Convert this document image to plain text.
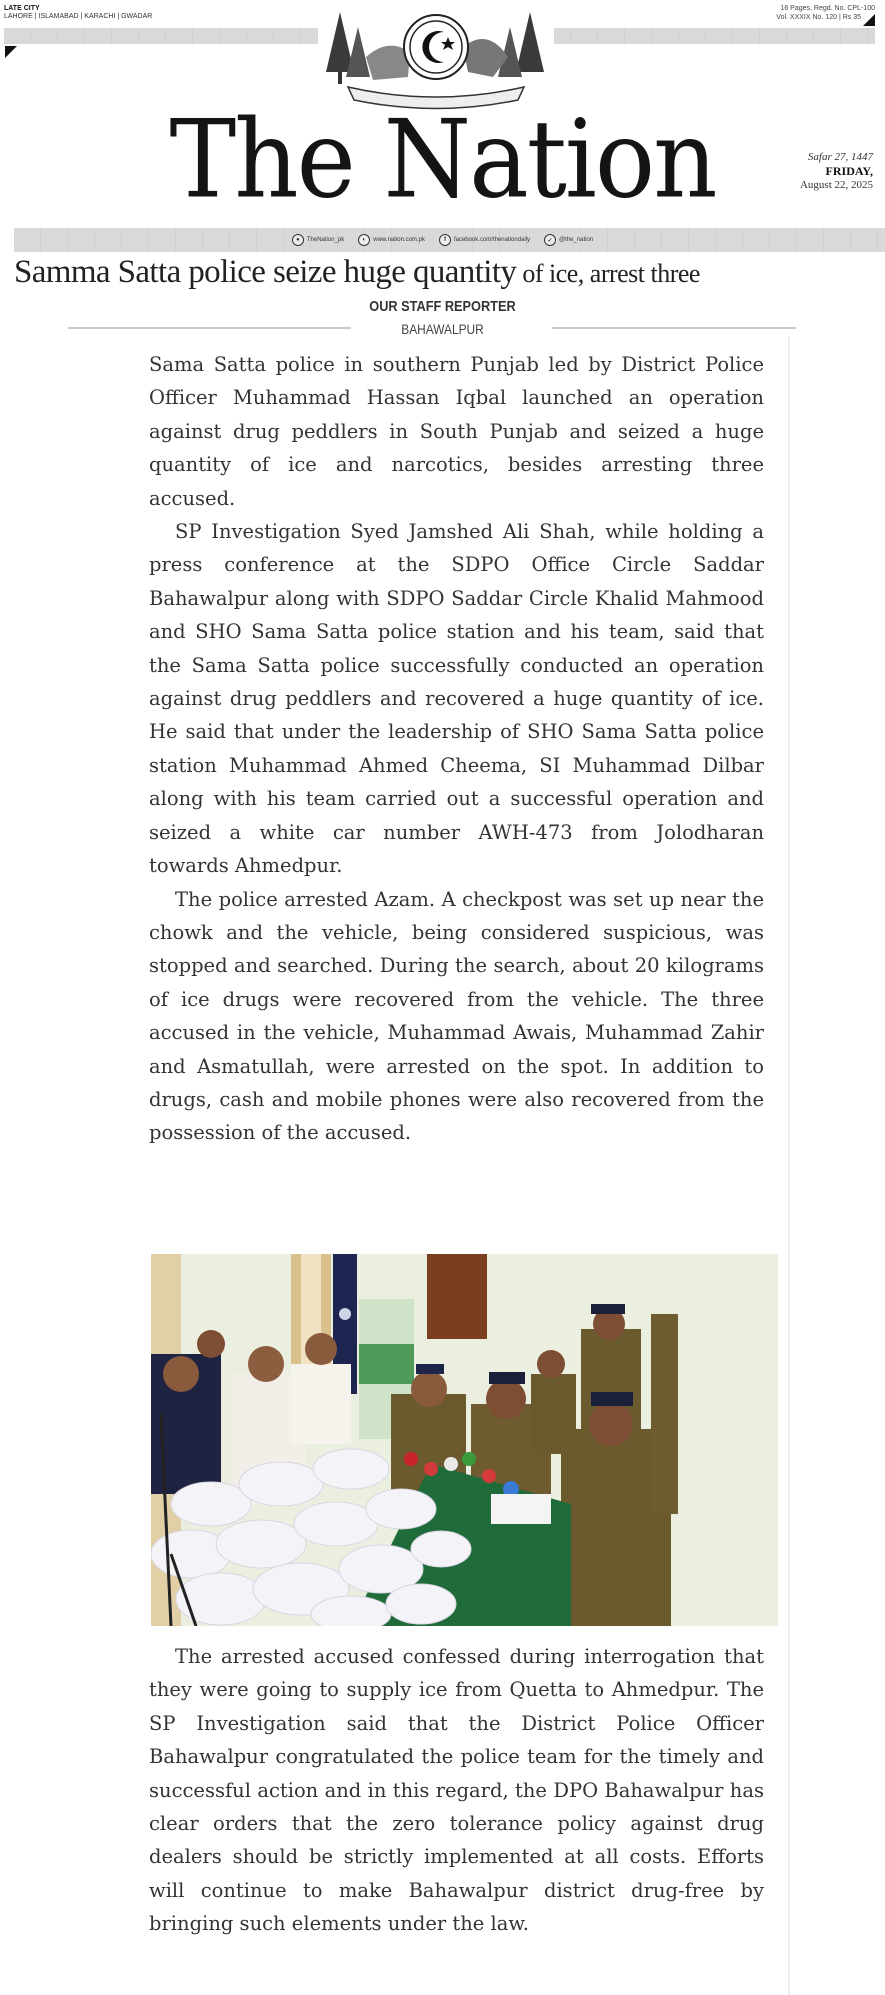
LATE CITY
LAHORE | ISLAMABAD | KARACHI | GWADAR
16 Pages, Regd. No. CPL-100
Vol. XXXIX No. 120 | Rs 35
The Nation	Safar 27, 1447
FRIDAY,
August 22, 2025
●	TheNation_pk	◐	www.nation.com.pk	f	facebook.com/thenationdaily	✓	@the_nation
Samma Satta police seize huge quantity of ice, arrest three
OUR STAFF REPORTER
BAHAWALPUR

Sama Satta police in southern Punjab led by District Police Officer Muhammad Hassan Iqbal launched an operation against drug peddlers in South Punjab and seized a huge quantity of ice and narcotics, besides arresting three accused.

SP Investigation Syed Jamshed Ali Shah, while holding a press conference at the SDPO Office Circle Saddar Bahawalpur along with SDPO Saddar Circle Khalid Mahmood and SHO Sama Satta police station and his team, said that the Sama Satta police successfully conducted an operation against drug peddlers and recovered a huge quantity of ice. He said that under the leadership of SHO Sama Satta police station Muhammad Ahmed Cheema, SI Muhammad Dilbar along with his team carried out a successful operation and seized a white car number AWH-473 from Jolodharan towards Ahmedpur.

The police arrested Azam. A checkpost was set up near the chowk and the vehicle, being considered suspicious, was stopped and searched. During the search, about 20 kilograms of ice drugs were recovered from the vehicle. The three accused in the vehicle, Muhammad Awais, Muhammad Zahir and Asmatullah, were arrested on the spot. In addition to drugs, cash and mobile phones were also recovered from the possession of the accused.

The arrested accused confessed during interrogation that they were going to supply ice from Quetta to Ahmedpur. The SP Investigation said that the District Police Officer Bahawalpur congratulated the police team for the timely and successful action and in this regard, the DPO Bahawalpur has clear orders that the zero tolerance policy against drug dealers should be strictly implemented at all costs. Efforts will continue to make Bahawalpur district drug-free by bringing such elements under the law.
